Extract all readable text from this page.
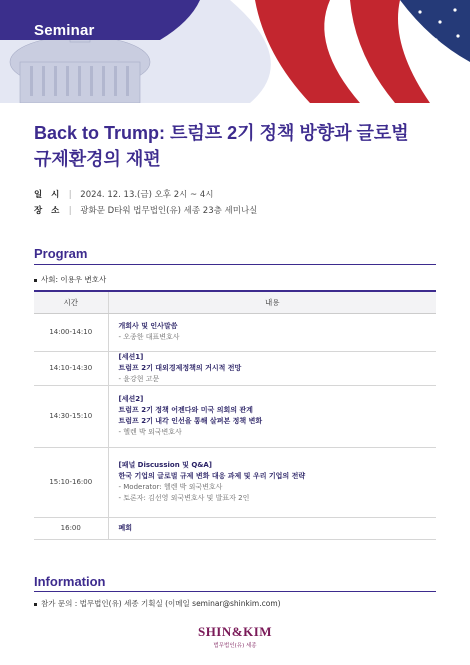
Seminar
Back to Trump: 트럼프 2기 정책 방향과 글로벌
규제환경의 재편
일 시 | 2024. 12. 13.(금) 오후 2시 ~ 4시
장 소 | 광화문 D타워 법무법인(유) 세종 23층 세미나실
Program
사회: 이용우 변호사
시간	내용
14:00-14:10	개회사 및 인사말씀
- 오종한 대표변호사

14:10-14:30	[세션1]
트럼프 2기 대외경제정책의 거시적 전망
- 윤강현 고문

14:30-15:10	[세션2]
트럼프 2기 정책 어젠다와 미국 의회의 관계
트럼프 2기 내각 인선을 통해 살펴본 정책 변화
- 헬렌 박 외국변호사

15:10-16:00	[패널 Discussion 및 Q&A]
한국 기업의 글로벌 규제 변화 대응 과제 및 우리 기업의 전략
- Moderator: 헬렌 박 외국변호사
- 토론자: 김선영 외국변호사 및 발표자 2인

16:00	폐회
Information
참가 문의 : 법무법인(유) 세종 기획실 (이메일 seminar@shinkim.com)
SHIN&KIM
법무법인(유) 세종
